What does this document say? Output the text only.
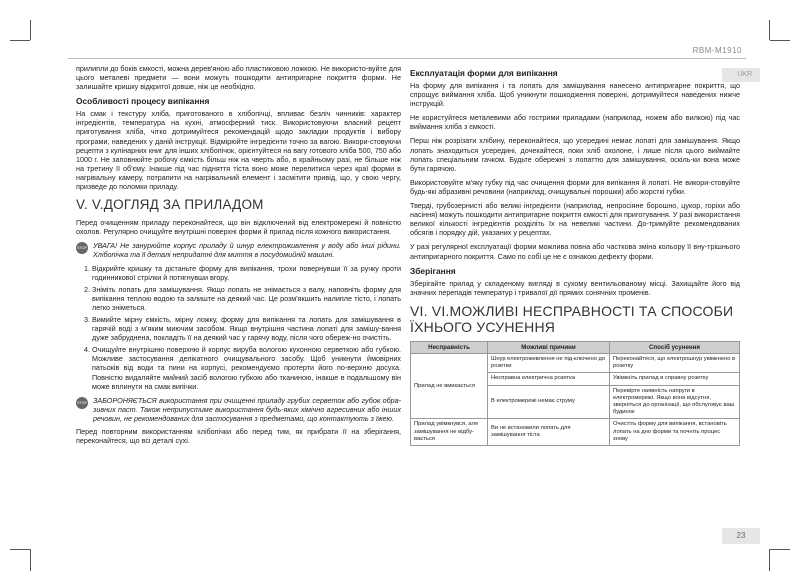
RBM-M1910
UKR

прилипли до боків ємкості, можна дерев'яною або пластиковою ложкою. Не використо-вуйте для цього металеві предмети — вони можуть пошкодити антипригарне покриття форми. Не залишайте кришку відкритої довше, ніж це необхідно.

Особливості процесу випікання

На смак і текстуру хліба, приготованого в хлібопічці, впливає безліч чинників: характер інгредієнтів, температура на кухні, атмосферний тиск. Використовуючи власний рецепт приготування хліба, чітко дотримуйтеся рекомендацій щодо закладки продуктів і вибору програми, наведених у даній інструкції. Відмірюйте інгредієнти точно за вагою. Викори-стовуючи рецепти з кулінарних книг для інших хлібопічок, орієнтуйтеся на вагу готового хліба 500, 750 або 1000 г. Не заповнюйте робочу ємкість більш ніж на чверть або, в крайньому разі, не більше ніж на третину її об'єму. Інакше під час підняття тіста воно може перелитися через краї форми в нагрівальну камеру, потрапити на нагрівальний елемент і засмітити привід, що, у свою чергу, призведе до поломки приладу.

V. V.ДОГЛЯД ЗА ПРИЛАДОМ

Перед очищенням приладу переконайтеся, що він відключений від електромережі й повністю охолов. Регулярно очищуйте внутрішні поверхні форми й прилад після кожного використання.

STOP УВАГА! Не занурюйте корпус приладу й шнур електроживлення у воду або інші рідини. Хлібопічка та її деталі непридатні для миття в посудомийній машині.
1. Відкрийте кришку та дістаньте форму для випікання, трохи повернувши її за ручку проти годинникової стрілки й потягнувши вгору.
2. Зніміть лопать для замішування. Якщо лопать не знімається з валу, наповніть форму для випікання теплою водою та залиште на деякий час. Це розм'якшить налипле тісто, і лопать легко зніметься.
3. Вимийте мірну ємкість, мірну ложку, форму для випікання та лопать для замішування в гарячій воді з м'яким миючим засобом. Якщо внутрішня частина лопаті для замішу-вання дуже забруднена, покладіть її на деякий час у гарячу воду, після чого обереж-но очистіть.
4. Очищуйте внутрішню поверхню й корпус вируба вологою кухонною серветкою або губкою. Можливе застосування делікатного очищувального засобу. Щоб уникнути ймовірних патьоків від води та пини на корпусі, рекомендуємо протерти його по-верхню досуха. Повністю видаляйте мийний засіб вологою губкою або тканиною, інакше в подальшому він може вплинути на смак випічки.
STOP ЗАБОРОНЯЄТЬСЯ використання при очищенні приладу грубих серветок або губок обра-зивних паст. Також неприпустиме використання будь-яких хімічно агресивних або інших речовин, не рекомендованих для застосування з предметами, що контактують з їжею.

Перед повторним використанням хлібопічки або перед тим, як прибрати її на зберігання, переконайтеся, що всі деталі сухі.

Експлуатація форми для випікання

На форму для випікання і та лопать для замішування нанесено антипригарне покриття, що спрощує виймання хліба. Щоб уникнути пошкодження поверхні, дотримуйтеся наведених нижче інструкцій.

Не користуйтеся металевими або гострими приладами (наприклад, ножем або вилкою) під час виймання хліба з ємкості.

Перш ніж розрізати хлібину, переконайтеся, що усередині немає лопаті для замішування. Якщо лопать знаходиться усередині, дочекайтеся, поки хліб охолоне, і лише після цього виймайте лопать спеціальним гачком. Будьте обережні з лопаттю для замішування, оскіль-ки вона може бути гарячою.

Використовуйте м'яку губку під час очищення форми для випікання й лопаті. Не викори-стовуйте будь-які абразивні речовини (наприклад, очищувальні порошки) або жорсткі губки.

Тверді, грубозернисті або великі інгредієнти (наприклад, непросіяне борошно, цукор, горіхи або насіння) можуть пошкодити антипригарне покриття ємкості для приготування. У разі використання великої кількості інгредієнтів розділіть їх на невеликі частини. До-тримуйте рекомендованих обсягів і порядку дій, указаних у рецептах.

У разі регулярної експлуатації форми можлива повна або часткова зміна кольору її вну-трішнього антипригарного покриття. Само по собі це не є ознакою дефекту форми.

Зберігання

Зберігайте прилад у складеному вигляді в сухому вентильованому місці. Захищайте його від значних перепадів температур і тривалої дії прямих сонячних променів.

VI. VI.МОЖЛИВІ НЕСПРАВНОСТІ ТА СПОСОБИ ЇХНЬОГО УСУНЕННЯ
Несправність	Можливі причини	Спосіб усунення
Прилад не вмикається	Шнур електроживлення не під-ключено до розетки	Переконайтеся, що електрошнур увімкнено в розетку
	Несправна електрична розетка	Увімкніть прилад в справну розетку
	В електромережі немає струму	Перевірте наявність напруги в електромережі. Якщо вона відсутня, зверніться до організації, що обслуговує ваш будинок
Прилад увімкнувся, але замішування не відбу-вається	Ви не встановили лопать для замішування тіста	Очистіть форму для випікання, встановіть лопать на дно форми та почніть процес знову
23
